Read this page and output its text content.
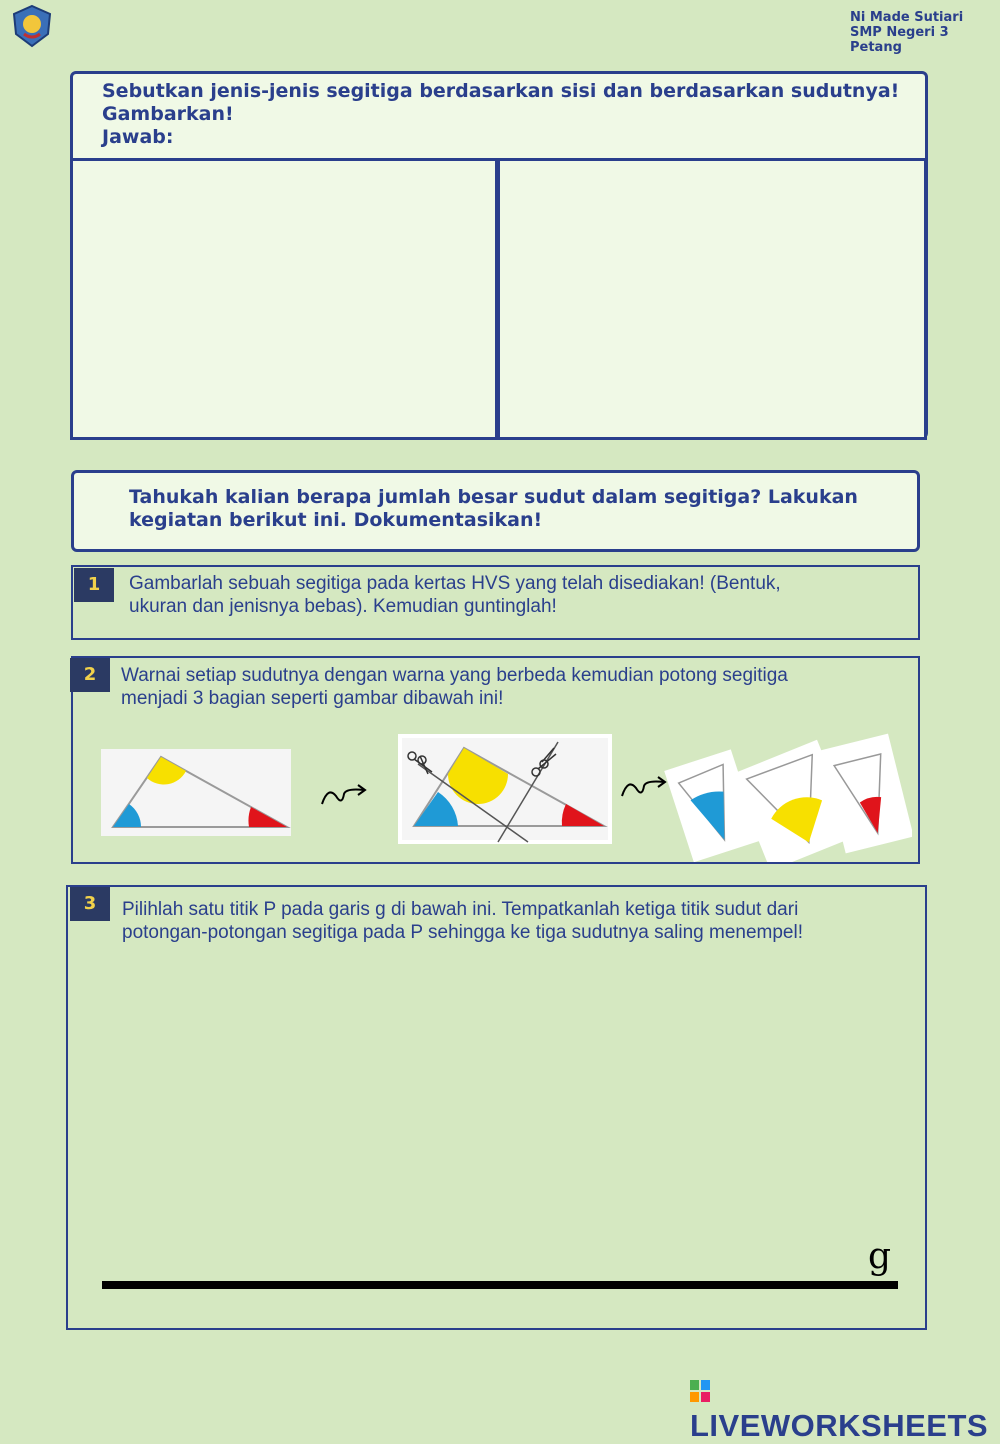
Ni Made Sutiari
SMP Negeri 3 Petang
Sebutkan jenis-jenis segitiga berdasarkan sisi dan berdasarkan sudutnya!
Gambarkan!
Jawab:
Tahukah kalian berapa jumlah besar sudut dalam segitiga? Lakukan
kegiatan berikut ini. Dokumentasikan!
1	Gambarlah sebuah segitiga pada kertas HVS yang telah disediakan! (Bentuk,
ukuran dan jenisnya bebas). Kemudian guntinglah!
2	Warnai setiap sudutnya dengan warna yang berbeda kemudian potong segitiga
menjadi 3 bagian seperti gambar dibawah ini!
3	Pilihlah satu titik P pada garis g di bawah ini. Tempatkanlah ketiga titik sudut dari
potongan-potongan segitiga pada P sehingga ke tiga sudutnya saling menempel!
g
LIVEWORKSHEETS
